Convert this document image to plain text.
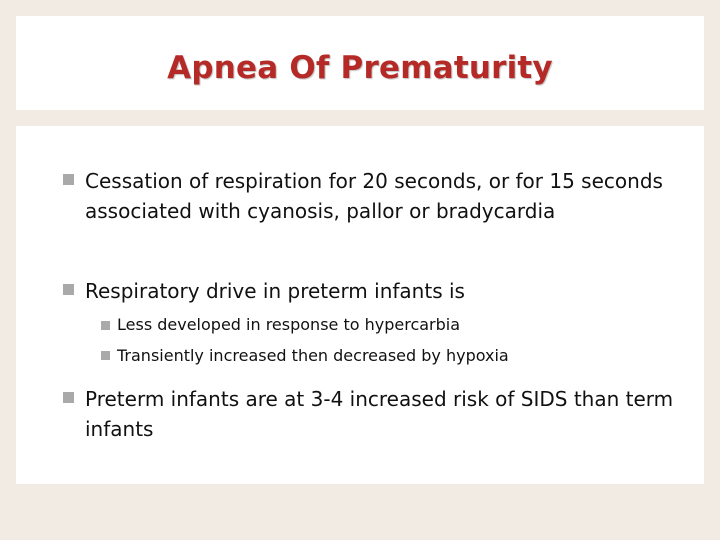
Apnea Of Prematurity
Cessation of respiration for 20 seconds, or for 15 seconds associated with cyanosis, pallor or bradycardia
Respiratory drive in preterm infants is
Less developed in response to hypercarbia
Transiently increased then decreased by hypoxia
Preterm infants are at 3-4 increased risk of SIDS than term infants
